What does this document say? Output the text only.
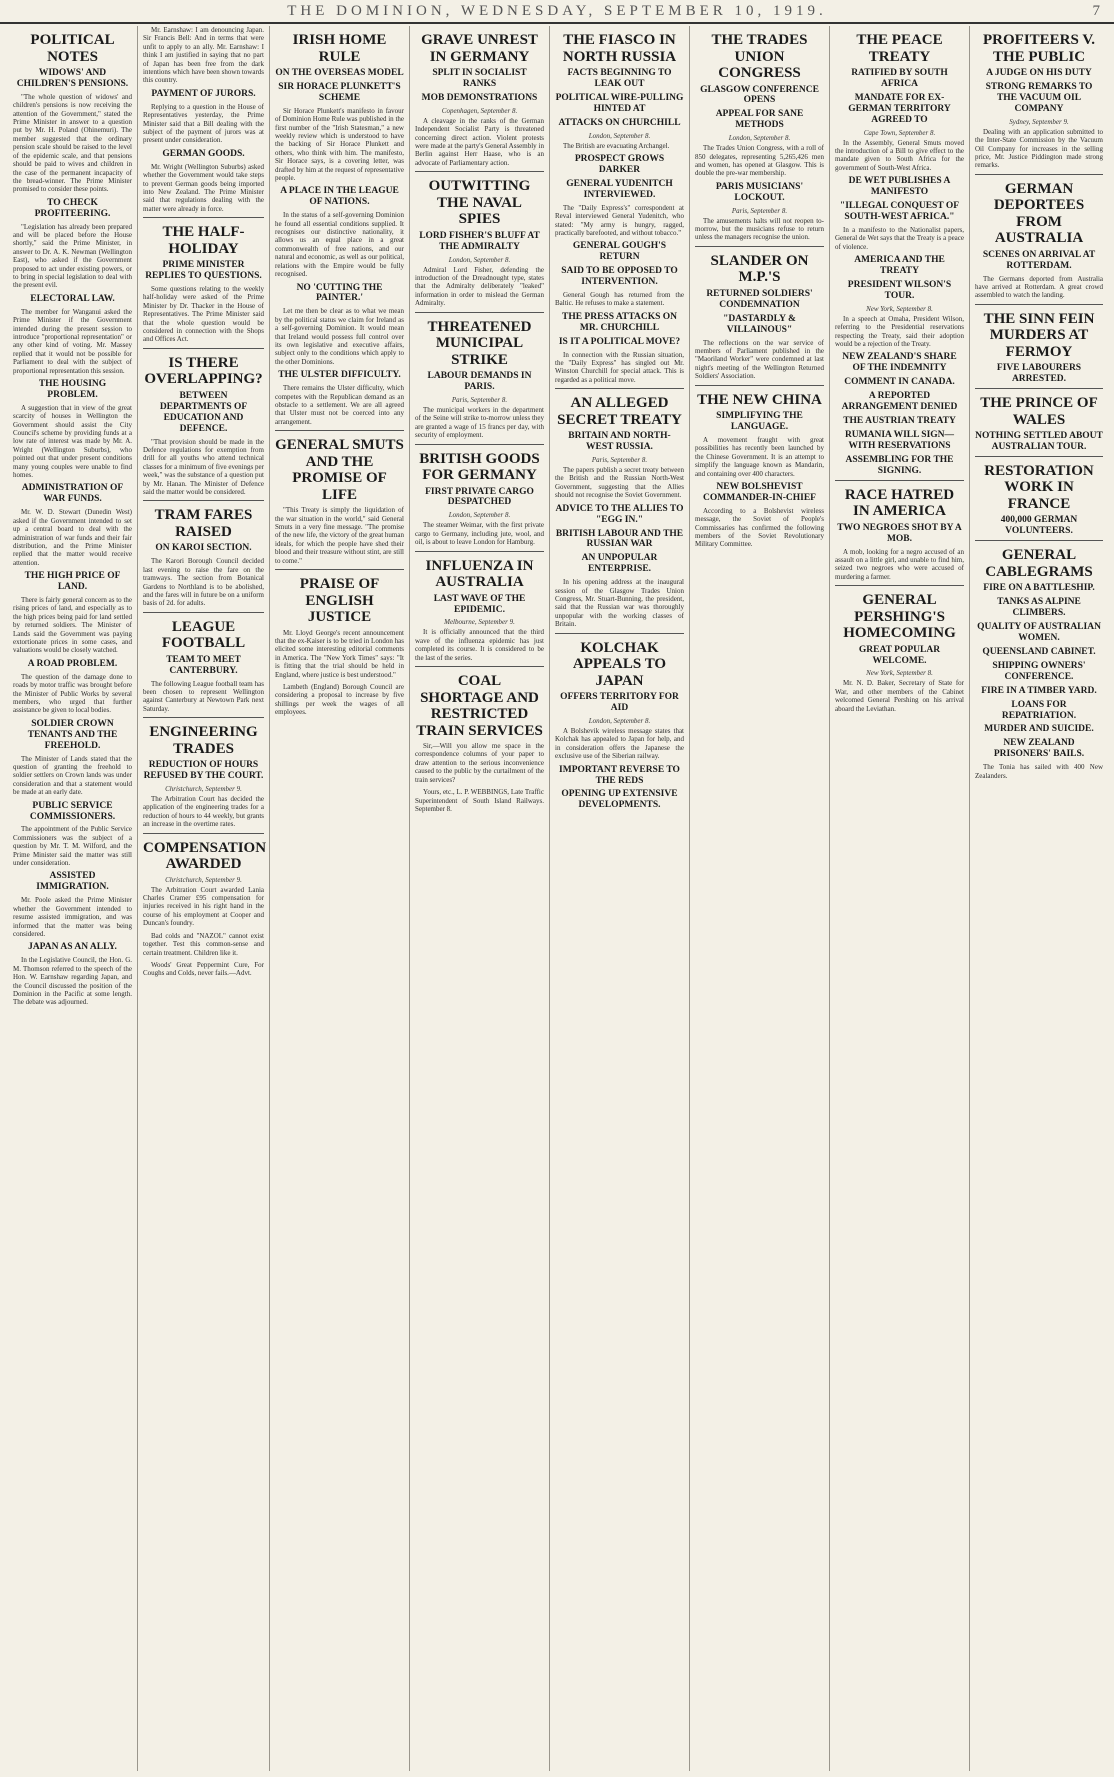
THE DOMINION, WEDNESDAY, SEPTEMBER 10, 1919.	7
POLITICAL NOTES
WIDOWS' AND CHILDREN'S PENSIONS.

"The whole question of widows' and children's pensions is now receiving the attention of the Government," stated the Prime Minister in answer to a question put by Mr. H. Poland (Ohinemuri). The member suggested that the ordinary pension scale should be raised to the level of the epidemic scale, and that pensions should be paid to wives and children in the case of the permanent incapacity of the bread-winner. The Prime Minister promised to consider these points.

TO CHECK PROFITEERING.

"Legislation has already been prepared and will be placed before the House shortly," said the Prime Minister, in answer to Dr. A. K. Newman (Wellington East), who asked if the Government proposed to act under existing powers, or to bring in special legislation to deal with the present evil.

ELECTORAL LAW.

The member for Wanganui asked the Prime Minister if the Government intended during the present session to introduce "proportional representation" or any other kind of voting. Mr. Massey replied that it would not be possible for Parliament to deal with the subject of proportional representation this session.

THE HOUSING PROBLEM.

A suggestion that in view of the great scarcity of houses in Wellington the Government should assist the City Council's scheme by providing funds at a low rate of interest was made by Mr. A. Wright (Wellington Suburbs), who pointed out that under present conditions many young couples were unable to find homes.

ADMINISTRATION OF WAR FUNDS.

Mr. W. D. Stewart (Dunedin West) asked if the Government intended to set up a central board to deal with the administration of war funds and their fair distribution, and the Prime Minister replied that the matter would receive attention.

THE HIGH PRICE OF LAND.

There is fairly general concern as to the rising prices of land, and especially as to the high prices being paid for land settled by returned soldiers. The Minister of Lands said the Government was paying extortionate prices in some cases, and valuations would be closely watched.

A ROAD PROBLEM.

The question of the damage done to roads by motor traffic was brought before the Minister of Public Works by several members, who urged that further assistance be given to local bodies.

SOLDIER CROWN TENANTS AND THE FREEHOLD.

The Minister of Lands stated that the question of granting the freehold to soldier settlers on Crown lands was under consideration and that a statement would be made at an early date.

PUBLIC SERVICE COMMISSIONERS.

The appointment of the Public Service Commissioners was the subject of a question by Mr. T. M. Wilford, and the Prime Minister said the matter was still under consideration.

ASSISTED IMMIGRATION.

Mr. Poole asked the Prime Minister whether the Government intended to resume assisted immigration, and was informed that the matter was being considered.

JAPAN AS AN ALLY.

In the Legislative Council, the Hon. G. M. Thomson referred to the speech of the Hon. W. Earnshaw regarding Japan, and the Council discussed the position of the Dominion in the Pacific at some length. The debate was adjourned.

Mr. Earnshaw: I am denouncing Japan. Sir Francis Bell: And in terms that were unfit to apply to an ally. Mr. Earnshaw: I think I am justified in saying that no part of Japan has been free from the dark intentions which have been shown towards this country.

PAYMENT OF JURORS.

Replying to a question in the House of Representatives yesterday, the Prime Minister said that a Bill dealing with the subject of the payment of jurors was at present under consideration.

GERMAN GOODS.

Mr. Wright (Wellington Suburbs) asked whether the Government would take steps to prevent German goods being imported into New Zealand. The Prime Minister said that regulations dealing with the matter were already in force.

THE HALF-HOLIDAY
PRIME MINISTER REPLIES TO QUESTIONS.

Some questions relating to the weekly half-holiday were asked of the Prime Minister by Dr. Thacker in the House of Representatives. The Prime Minister said that the whole question would be considered in connection with the Shops and Offices Act.

IS THERE OVERLAPPING?
BETWEEN DEPARTMENTS OF EDUCATION AND DEFENCE.

"That provision should be made in the Defence regulations for exemption from drill for all youths who attend technical classes for a minimum of five evenings per week," was the substance of a question put by Mr. Hanan. The Minister of Defence said the matter would be considered.

TRAM FARES RAISED
ON KAROI SECTION.

The Karori Borough Council decided last evening to raise the fare on the tramways. The section from Botanical Gardens to Northland is to be abolished, and the fares will in future be on a uniform basis of 2d. for adults.

LEAGUE FOOTBALL
TEAM TO MEET CANTERBURY.

The following League football team has been chosen to represent Wellington against Canterbury at Newtown Park next Saturday.

ENGINEERING TRADES
REDUCTION OF HOURS REFUSED BY THE COURT.
Christchurch, September 9.

The Arbitration Court has decided the application of the engineering trades for a reduction of hours to 44 weekly, but grants an increase in the overtime rates.

COMPENSATION AWARDED
Christchurch, September 9.

The Arbitration Court awarded Lania Charles Cramer £95 compensation for injuries received in his right hand in the course of his employment at Cooper and Duncan's foundry.

Bad colds and "NAZOL" cannot exist together. Test this common-sense and certain treatment. Children like it.

Woods' Great Peppermint Cure, For Coughs and Colds, never fails.—Advt.

IRISH HOME RULE
ON THE OVERSEAS MODEL
SIR HORACE PLUNKETT'S SCHEME

Sir Horace Plunkett's manifesto in favour of Dominion Home Rule was published in the first number of the "Irish Statesman," a new weekly review which is understood to have the backing of Sir Horace Plunkett and others, who think with him. The manifesto, Sir Horace says, is a covering letter, was drafted by him at the request of representative people.

A PLACE IN THE LEAGUE OF NATIONS.

In the status of a self-governing Dominion he found all essential conditions supplied. It recognises our distinctive nationality, it allows us an equal place in a great commonwealth of free nations, and our natural and economic, as well as our political, relations with the Empire would be fully recognised.

NO 'CUTTING THE PAINTER.'

Let me then be clear as to what we mean by the political status we claim for Ireland as a self-governing Dominion. It would mean that Ireland would possess full control over its own legislative and executive affairs, subject only to the conditions which apply to the other Dominions.

THE ULSTER DIFFICULTY.

There remains the Ulster difficulty, which competes with the Republican demand as an obstacle to a settlement. We are all agreed that Ulster must not be coerced into any arrangement.

GENERAL SMUTS AND THE PROMISE OF LIFE

"This Treaty is simply the liquidation of the war situation in the world," said General Smuts in a very fine message. "The promise of the new life, the victory of the great human ideals, for which the people have shed their blood and their treasure without stint, are still to come."

PRAISE OF ENGLISH JUSTICE

Mr. Lloyd George's recent announcement that the ex-Kaiser is to be tried in London has elicited some interesting editorial comments in America. The "New York Times" says: "It is fitting that the trial should be held in England, where justice is best understood."

Lambeth (England) Borough Council are considering a proposal to increase by five shillings per week the wages of all employees.

GRAVE UNREST IN GERMANY
SPLIT IN SOCIALIST RANKS
MOB DEMONSTRATIONS
Copenhagen, September 8.

A cleavage in the ranks of the German Independent Socialist Party is threatened concerning direct action. Violent protests were made at the party's General Assembly in Berlin against Herr Haase, who is an advocate of Parliamentary action.

OUTWITTING THE NAVAL SPIES
LORD FISHER'S BLUFF AT THE ADMIRALTY
London, September 8.

Admiral Lord Fisher, defending the introduction of the Dreadnought type, states that the Admiralty deliberately "leaked" information in order to mislead the German Admiralty.

THREATENED MUNICIPAL STRIKE
LABOUR DEMANDS IN PARIS.
Paris, September 8.

The municipal workers in the department of the Seine will strike to-morrow unless they are granted a wage of 15 francs per day, with security of employment.

BRITISH GOODS FOR GERMANY
FIRST PRIVATE CARGO DESPATCHED
London, September 8.

The steamer Weimar, with the first private cargo to Germany, including jute, wool, and oil, is about to leave London for Hamburg.

INFLUENZA IN AUSTRALIA
LAST WAVE OF THE EPIDEMIC.
Melbourne, September 9.

It is officially announced that the third wave of the influenza epidemic has just completed its course. It is considered to be the last of the series.

COAL SHORTAGE AND RESTRICTED TRAIN SERVICES

Sir,—Will you allow me space in the correspondence columns of your paper to draw attention to the serious inconvenience caused to the public by the curtailment of the train services?

Yours, etc., L. P. WEBBINGS, Late Traffic Superintendent of South Island Railways. September 8.

THE FIASCO IN NORTH RUSSIA
FACTS BEGINNING TO LEAK OUT
POLITICAL WIRE-PULLING HINTED AT
ATTACKS ON CHURCHILL
London, September 8.

The British are evacuating Archangel.

PROSPECT GROWS DARKER
GENERAL YUDENITCH INTERVIEWED.

The "Daily Express's" correspondent at Reval interviewed General Yudenitch, who stated: "My army is hungry, ragged, practically barefooted, and without tobacco."

GENERAL GOUGH'S RETURN
SAID TO BE OPPOSED TO INTERVENTION.

General Gough has returned from the Baltic. He refuses to make a statement.

THE PRESS ATTACKS ON MR. CHURCHILL
IS IT A POLITICAL MOVE?

In connection with the Russian situation, the "Daily Express" has singled out Mr. Winston Churchill for special attack. This is regarded as a political move.

AN ALLEGED SECRET TREATY
BRITAIN AND NORTH-WEST RUSSIA.
Paris, September 8.

The papers publish a secret treaty between the British and the Russian North-West Government, suggesting that the Allies should not recognise the Soviet Government.

ADVICE TO THE ALLIES TO "EGG IN."
BRITISH LABOUR AND THE RUSSIAN WAR
AN UNPOPULAR ENTERPRISE.

In his opening address at the inaugural session of the Glasgow Trades Union Congress, Mr. Stuart-Bunning, the president, said that the Russian war was thoroughly unpopular with the working classes of Britain.

KOLCHAK APPEALS TO JAPAN
OFFERS TERRITORY FOR AID
London, September 8.

A Bolshevik wireless message states that Kolchak has appealed to Japan for help, and in consideration offers the Japanese the exclusive use of the Siberian railway.

IMPORTANT REVERSE TO THE REDS
OPENING UP EXTENSIVE DEVELOPMENTS.
THE TRADES UNION CONGRESS
GLASGOW CONFERENCE OPENS
APPEAL FOR SANE METHODS
London, September 8.

The Trades Union Congress, with a roll of 850 delegates, representing 5,265,426 men and women, has opened at Glasgow. This is double the pre-war membership.

PARIS MUSICIANS' LOCKOUT.
Paris, September 8.

The amusements halts will not reopen to-morrow, but the musicians refuse to return unless the managers recognise the union.

SLANDER ON M.P.'S
RETURNED SOLDIERS' CONDEMNATION
"DASTARDLY & VILLAINOUS"

The reflections on the war service of members of Parliament published in the "Maoriland Worker" were condemned at last night's meeting of the Wellington Returned Soldiers' Association.

THE NEW CHINA
SIMPLIFYING THE LANGUAGE.

A movement fraught with great possibilities has recently been launched by the Chinese Government. It is an attempt to simplify the language known as Mandarin, and containing over 400 characters.

NEW BOLSHEVIST COMMANDER-IN-CHIEF

According to a Bolshevist wireless message, the Soviet of People's Commissaries has confirmed the following members of the Soviet Revolutionary Military Committee.

THE PEACE TREATY
RATIFIED BY SOUTH AFRICA
MANDATE FOR EX-GERMAN TERRITORY AGREED TO
Cape Town, September 8.

In the Assembly, General Smuts moved the introduction of a Bill to give effect to the mandate given to South Africa for the government of South-West Africa.

DE WET PUBLISHES A MANIFESTO
"ILLEGAL CONQUEST OF SOUTH-WEST AFRICA."

In a manifesto to the Nationalist papers, General de Wet says that the Treaty is a peace of violence.

AMERICA AND THE TREATY
PRESIDENT WILSON'S TOUR.
New York, September 8.

In a speech at Omaha, President Wilson, referring to the Presidential reservations respecting the Treaty, said their adoption would be a rejection of the Treaty.

NEW ZEALAND'S SHARE OF THE INDEMNITY
COMMENT IN CANADA.
A REPORTED ARRANGEMENT DENIED
THE AUSTRIAN TREATY
RUMANIA WILL SIGN—WITH RESERVATIONS
ASSEMBLING FOR THE SIGNING.
RACE HATRED IN AMERICA
TWO NEGROES SHOT BY A MOB.

A mob, looking for a negro accused of an assault on a little girl, and unable to find him, seized two negroes who were accused of murdering a farmer.

GENERAL PERSHING'S HOMECOMING
GREAT POPULAR WELCOME.
New York, September 8.

Mr. N. D. Baker, Secretary of State for War, and other members of the Cabinet welcomed General Pershing on his arrival aboard the Leviathan.

PROFITEERS V. THE PUBLIC
A JUDGE ON HIS DUTY
STRONG REMARKS TO THE VACUUM OIL COMPANY
Sydney, September 9.

Dealing with an application submitted to the Inter-State Commission by the Vacuum Oil Company for increases in the selling price, Mr. Justice Piddington made strong remarks.

GERMAN DEPORTEES FROM AUSTRALIA
SCENES ON ARRIVAL AT ROTTERDAM.

The Germans deported from Australia have arrived at Rotterdam. A great crowd assembled to watch the landing.

THE SINN FEIN MURDERS AT FERMOY
FIVE LABOURERS ARRESTED.
THE PRINCE OF WALES
NOTHING SETTLED ABOUT AUSTRALIAN TOUR.
RESTORATION WORK IN FRANCE
400,000 GERMAN VOLUNTEERS.
GENERAL CABLEGRAMS
FIRE ON A BATTLESHIP.
TANKS AS ALPINE CLIMBERS.
QUALITY OF AUSTRALIAN WOMEN.
QUEENSLAND CABINET.
SHIPPING OWNERS' CONFERENCE.
FIRE IN A TIMBER YARD.
LOANS FOR REPATRIATION.
MURDER AND SUICIDE.
NEW ZEALAND PRISONERS' BAILS.

The Tonia has sailed with 400 New Zealanders.
